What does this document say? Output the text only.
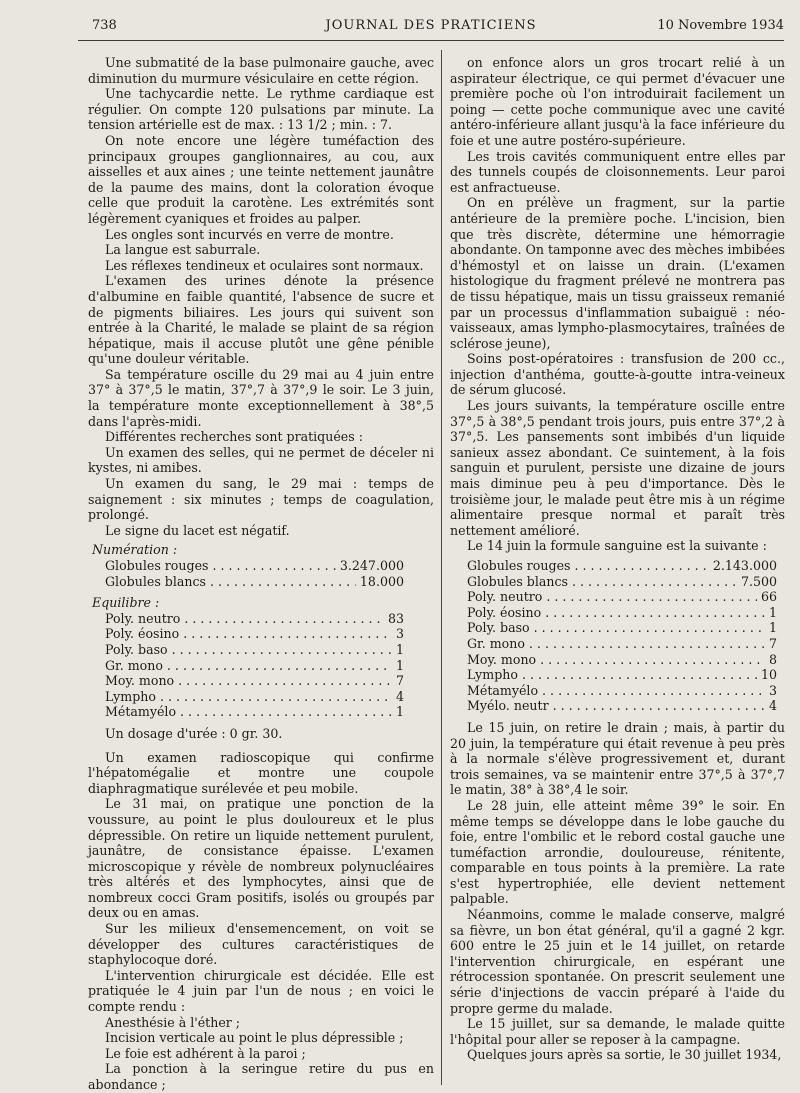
738	JOURNAL DES PRATICIENS	10 Novembre 1934

Une submatité de la base pulmonaire gauche, avec diminution du murmure vésiculaire en cette région.

Une tachycardie nette. Le rythme cardiaque est régulier. On compte 120 pulsations par minute. La tension artérielle est de max. : 13 1/2 ; min. : 7.

On note encore une légère tuméfaction des principaux groupes ganglionnaires, au cou, aux aisselles et aux aines ; une teinte nettement jaunâtre de la paume des mains, dont la coloration évoque celle que produit la carotène. Les extrémités sont légèrement cyaniques et froides au palper.

Les ongles sont incurvés en verre de montre.

La langue est saburrale.

Les réflexes tendineux et oculaires sont normaux.

L'examen des urines dénote la présence d'albumine en faible quantité, l'absence de sucre et de pigments biliaires. Les jours qui suivent son entrée à la Charité, le malade se plaint de sa région hépatique, mais il accuse plutôt une gêne pénible qu'une douleur véritable.

Sa température oscille du 29 mai au 4 juin entre 37° à 37°,5 le matin, 37°,7 à 37°,9 le soir. Le 3 juin, la température monte exceptionnellement à 38°,5 dans l'après-midi.

Différentes recherches sont pratiquées :

Un examen des selles, qui ne permet de déceler ni kystes, ni amibes.

Un examen du sang, le 29 mai : temps de saignement : six minutes ; temps de coagulation, prolongé.

Le signe du lacet est négatif.

Numération :
Globules rouges . . .	3.247.000
Globules blancs . . .	18.000
Equilibre :
Poly. neutro . . .	83
Poly. éosino . . .	3
Poly. baso . . .	1
Gr. mono . . .	1
Moy. mono . . .	7
Lympho . . .	4
Métamyélo . . .	1

Un dosage d'urée : 0 gr. 30.

Un examen radioscopique qui confirme l'hépatomégalie et montre une coupole diaphragmatique surélevée et peu mobile.

Le 31 mai, on pratique une ponction de la voussure, au point le plus douloureux et le plus dépressible. On retire un liquide nettement purulent, jaunâtre, de consistance épaisse. L'examen microscopique y révèle de nombreux polynucléaires très altérés et des lymphocytes, ainsi que de nombreux cocci Gram positifs, isolés ou groupés par deux ou en amas.

Sur les milieux d'ensemencement, on voit se développer des cultures caractéristiques de staphylocoque doré.

L'intervention chirurgicale est décidée. Elle est pratiquée le 4 juin par l'un de nous ; en voici le compte rendu :

Anesthésie à l'éther ;

Incision verticale au point le plus dépressible ;

Le foie est adhérent à la paroi ;

La ponction à la seringue retire du pus en abondance ;

on enfonce alors un gros trocart relié à un aspirateur électrique, ce qui permet d'évacuer une première poche où l'on introduirait facilement un poing — cette poche communique avec une cavité antéro-inférieure allant jusqu'à la face inférieure du foie et une autre postéro-supérieure.

Les trois cavités communiquent entre elles par des tunnels coupés de cloisonnements. Leur paroi est anfractueuse.

On en prélève un fragment, sur la partie antérieure de la première poche. L'incision, bien que très discrète, détermine une hémorragie abondante. On tamponne avec des mèches imbibées d'hémostyl et on laisse un drain. (L'examen histologique du fragment prélevé ne montrera pas de tissu hépatique, mais un tissu graisseux remanié par un processus d'inflammation subaiguë : néo-vaisseaux, amas lympho-plasmocytaires, traînées de sclérose jeune),

Soins post-opératoires : transfusion de 200 cc., injection d'anthéma, goutte-à-goutte intra-veineux de sérum glucosé.

Les jours suivants, la température oscille entre 37°,5 à 38°,5 pendant trois jours, puis entre 37°,2 à 37°,5. Les pansements sont imbibés d'un liquide sanieux assez abondant. Ce suintement, à la fois sanguin et purulent, persiste une dizaine de jours mais diminue peu à peu d'importance. Dès le troisième jour, le malade peut être mis à un régime alimentaire presque normal et paraît très nettement amélioré.

Le 14 juin la formule sanguine est la suivante :

Globules rouges . . .	2.143.000
Globules blancs . . .	7.500
Poly. neutro . . .	66
Poly. éosino . . .	1
Poly. baso . . .	1
Gr. mono . . .	7
Moy. mono . . .	8
Lympho . . .	10
Métamyélo . . .	3
Myélo. neutr . . .	4

Le 15 juin, on retire le drain ; mais, à partir du 20 juin, la température qui était revenue à peu près à la normale s'élève progressivement et, durant trois semaines, va se maintenir entre 37°,5 à 37°,7 le matin, 38° à 38°,4 le soir.

Le 28 juin, elle atteint même 39° le soir. En même temps se développe dans le lobe gauche du foie, entre l'ombilic et le rebord costal gauche une tuméfaction arrondie, douloureuse, rénitente, comparable en tous points à la première. La rate s'est hypertrophiée, elle devient nettement palpable.

Néanmoins, comme le malade conserve, malgré sa fièvre, un bon état général, qu'il a gagné 2 kgr. 600 entre le 25 juin et le 14 juillet, on retarde l'intervention chirurgicale, en espérant une rétrocession spontanée. On prescrit seulement une série d'injections de vaccin préparé à l'aide du propre germe du malade.

Le 15 juillet, sur sa demande, le malade quitte l'hôpital pour aller se reposer à la campagne.

Quelques jours après sa sortie, le 30 juillet 1934,
